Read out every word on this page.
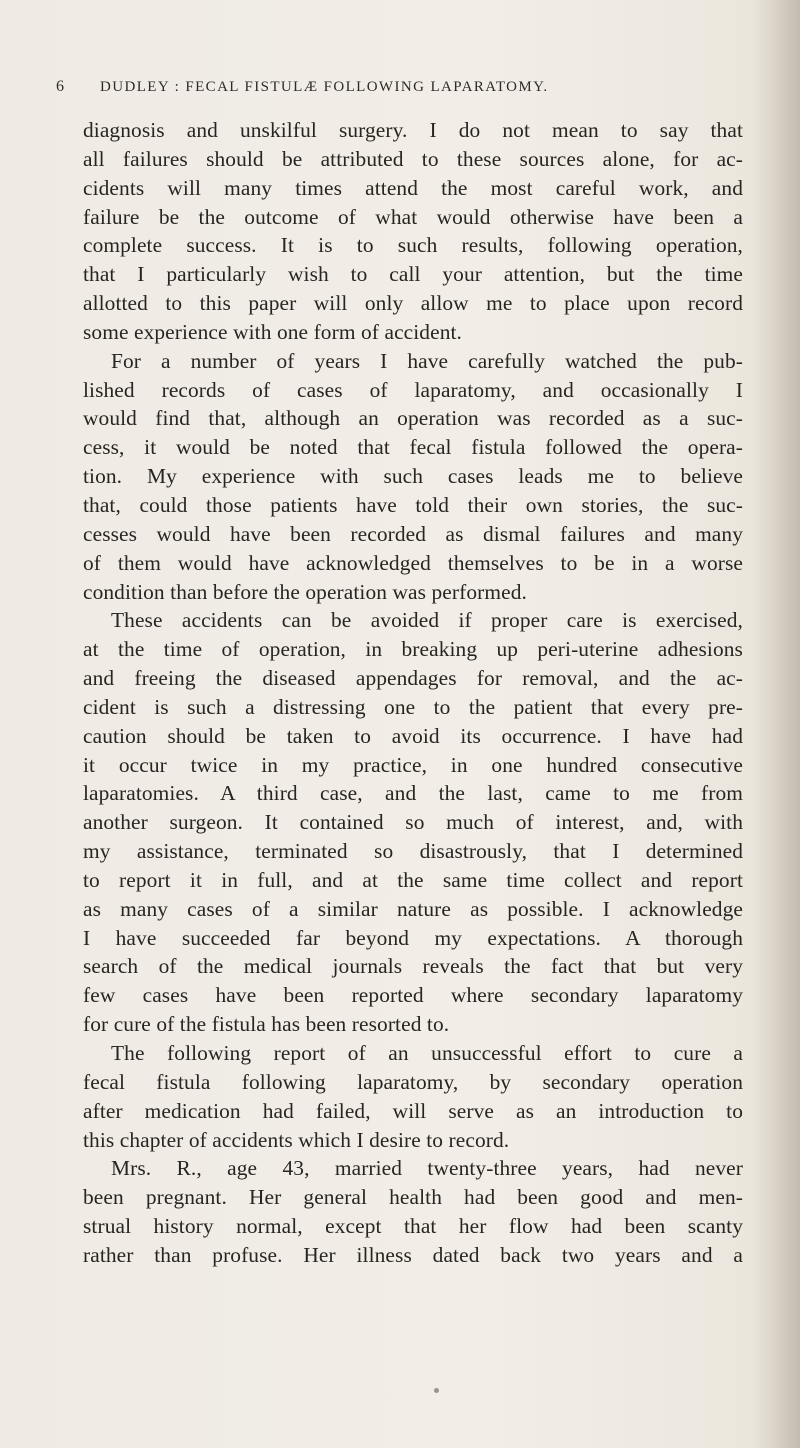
6	DUDLEY : FECAL FISTULÆ FOLLOWING LAPARATOMY.
diagnosis and unskilful surgery. I do not mean to say that
all failures should be attributed to these sources alone, for ac-
cidents will many times attend the most careful work, and
failure be the outcome of what would otherwise have been a
complete success. It is to such results, following operation,
that I particularly wish to call your attention, but the time
allotted to this paper will only allow me to place upon record
some experience with one form of accident.
For a number of years I have carefully watched the pub-
lished records of cases of laparatomy, and occasionally I
would find that, although an operation was recorded as a suc-
cess, it would be noted that fecal fistula followed the opera-
tion. My experience with such cases leads me to believe
that, could those patients have told their own stories, the suc-
cesses would have been recorded as dismal failures and many
of them would have acknowledged themselves to be in a worse
condition than before the operation was performed.
These accidents can be avoided if proper care is exercised,
at the time of operation, in breaking up peri-uterine adhesions
and freeing the diseased appendages for removal, and the ac-
cident is such a distressing one to the patient that every pre-
caution should be taken to avoid its occurrence. I have had
it occur twice in my practice, in one hundred consecutive
laparatomies. A third case, and the last, came to me from
another surgeon. It contained so much of interest, and, with
my assistance, terminated so disastrously, that I determined
to report it in full, and at the same time collect and report
as many cases of a similar nature as possible. I acknowledge
I have succeeded far beyond my expectations. A thorough
search of the medical journals reveals the fact that but very
few cases have been reported where secondary laparatomy
for cure of the fistula has been resorted to.
The following report of an unsuccessful effort to cure a
fecal fistula following laparatomy, by secondary operation
after medication had failed, will serve as an introduction to
this chapter of accidents which I desire to record.
Mrs. R., age 43, married twenty-three years, had never
been pregnant. Her general health had been good and men-
strual history normal, except that her flow had been scanty
rather than profuse. Her illness dated back two years and a
